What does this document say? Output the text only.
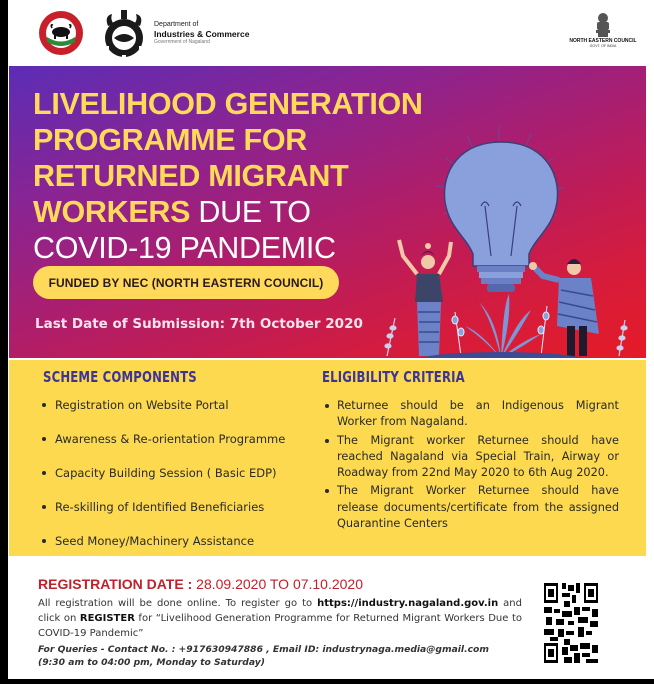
Department of
Industries & Commerce
Government of Nagaland	NORTH EASTERN COUNCIL
GOVT. OF INDIA
LIVELIHOOD GENERATION
PROGRAMME FOR
RETURNED MIGRANT
WORKERS DUE TO
COVID-19 PANDEMIC
FUNDED BY NEC (NORTH EASTERN COUNCIL)
Last Date of Submission: 7th October 2020
SCHEME COMPONENTS
Registration on Website Portal
Awareness & Re-orientation Programme
Capacity Building Session ( Basic EDP)
Re-skilling of Identified Beneficiaries
Seed Money/Machinery Assistance
ELIGIBILITY CRITERIA
Returnee should be an Indigenous Migrant Worker from Nagaland.
The Migrant worker Returnee should have reached Nagaland via Special Train, Airway or Roadway from 22nd May 2020 to 6th Aug 2020.
The Migrant Worker Returnee should have release documents/certificate from the assigned Quarantine Centers
REGISTRATION DATE : 28.09.2020 TO 07.10.2020
All registration will be done online. To register go to https://industry.nagaland.gov.in and click on REGISTER for “Livelihood Generation Programme for Returned Migrant Workers Due to COVID-19 Pandemic”
For Queries - Contact No. : +917630947886 , Email ID: industrynaga.media@gmail.com
(9:30 am to 04:00 pm, Monday to Saturday)
